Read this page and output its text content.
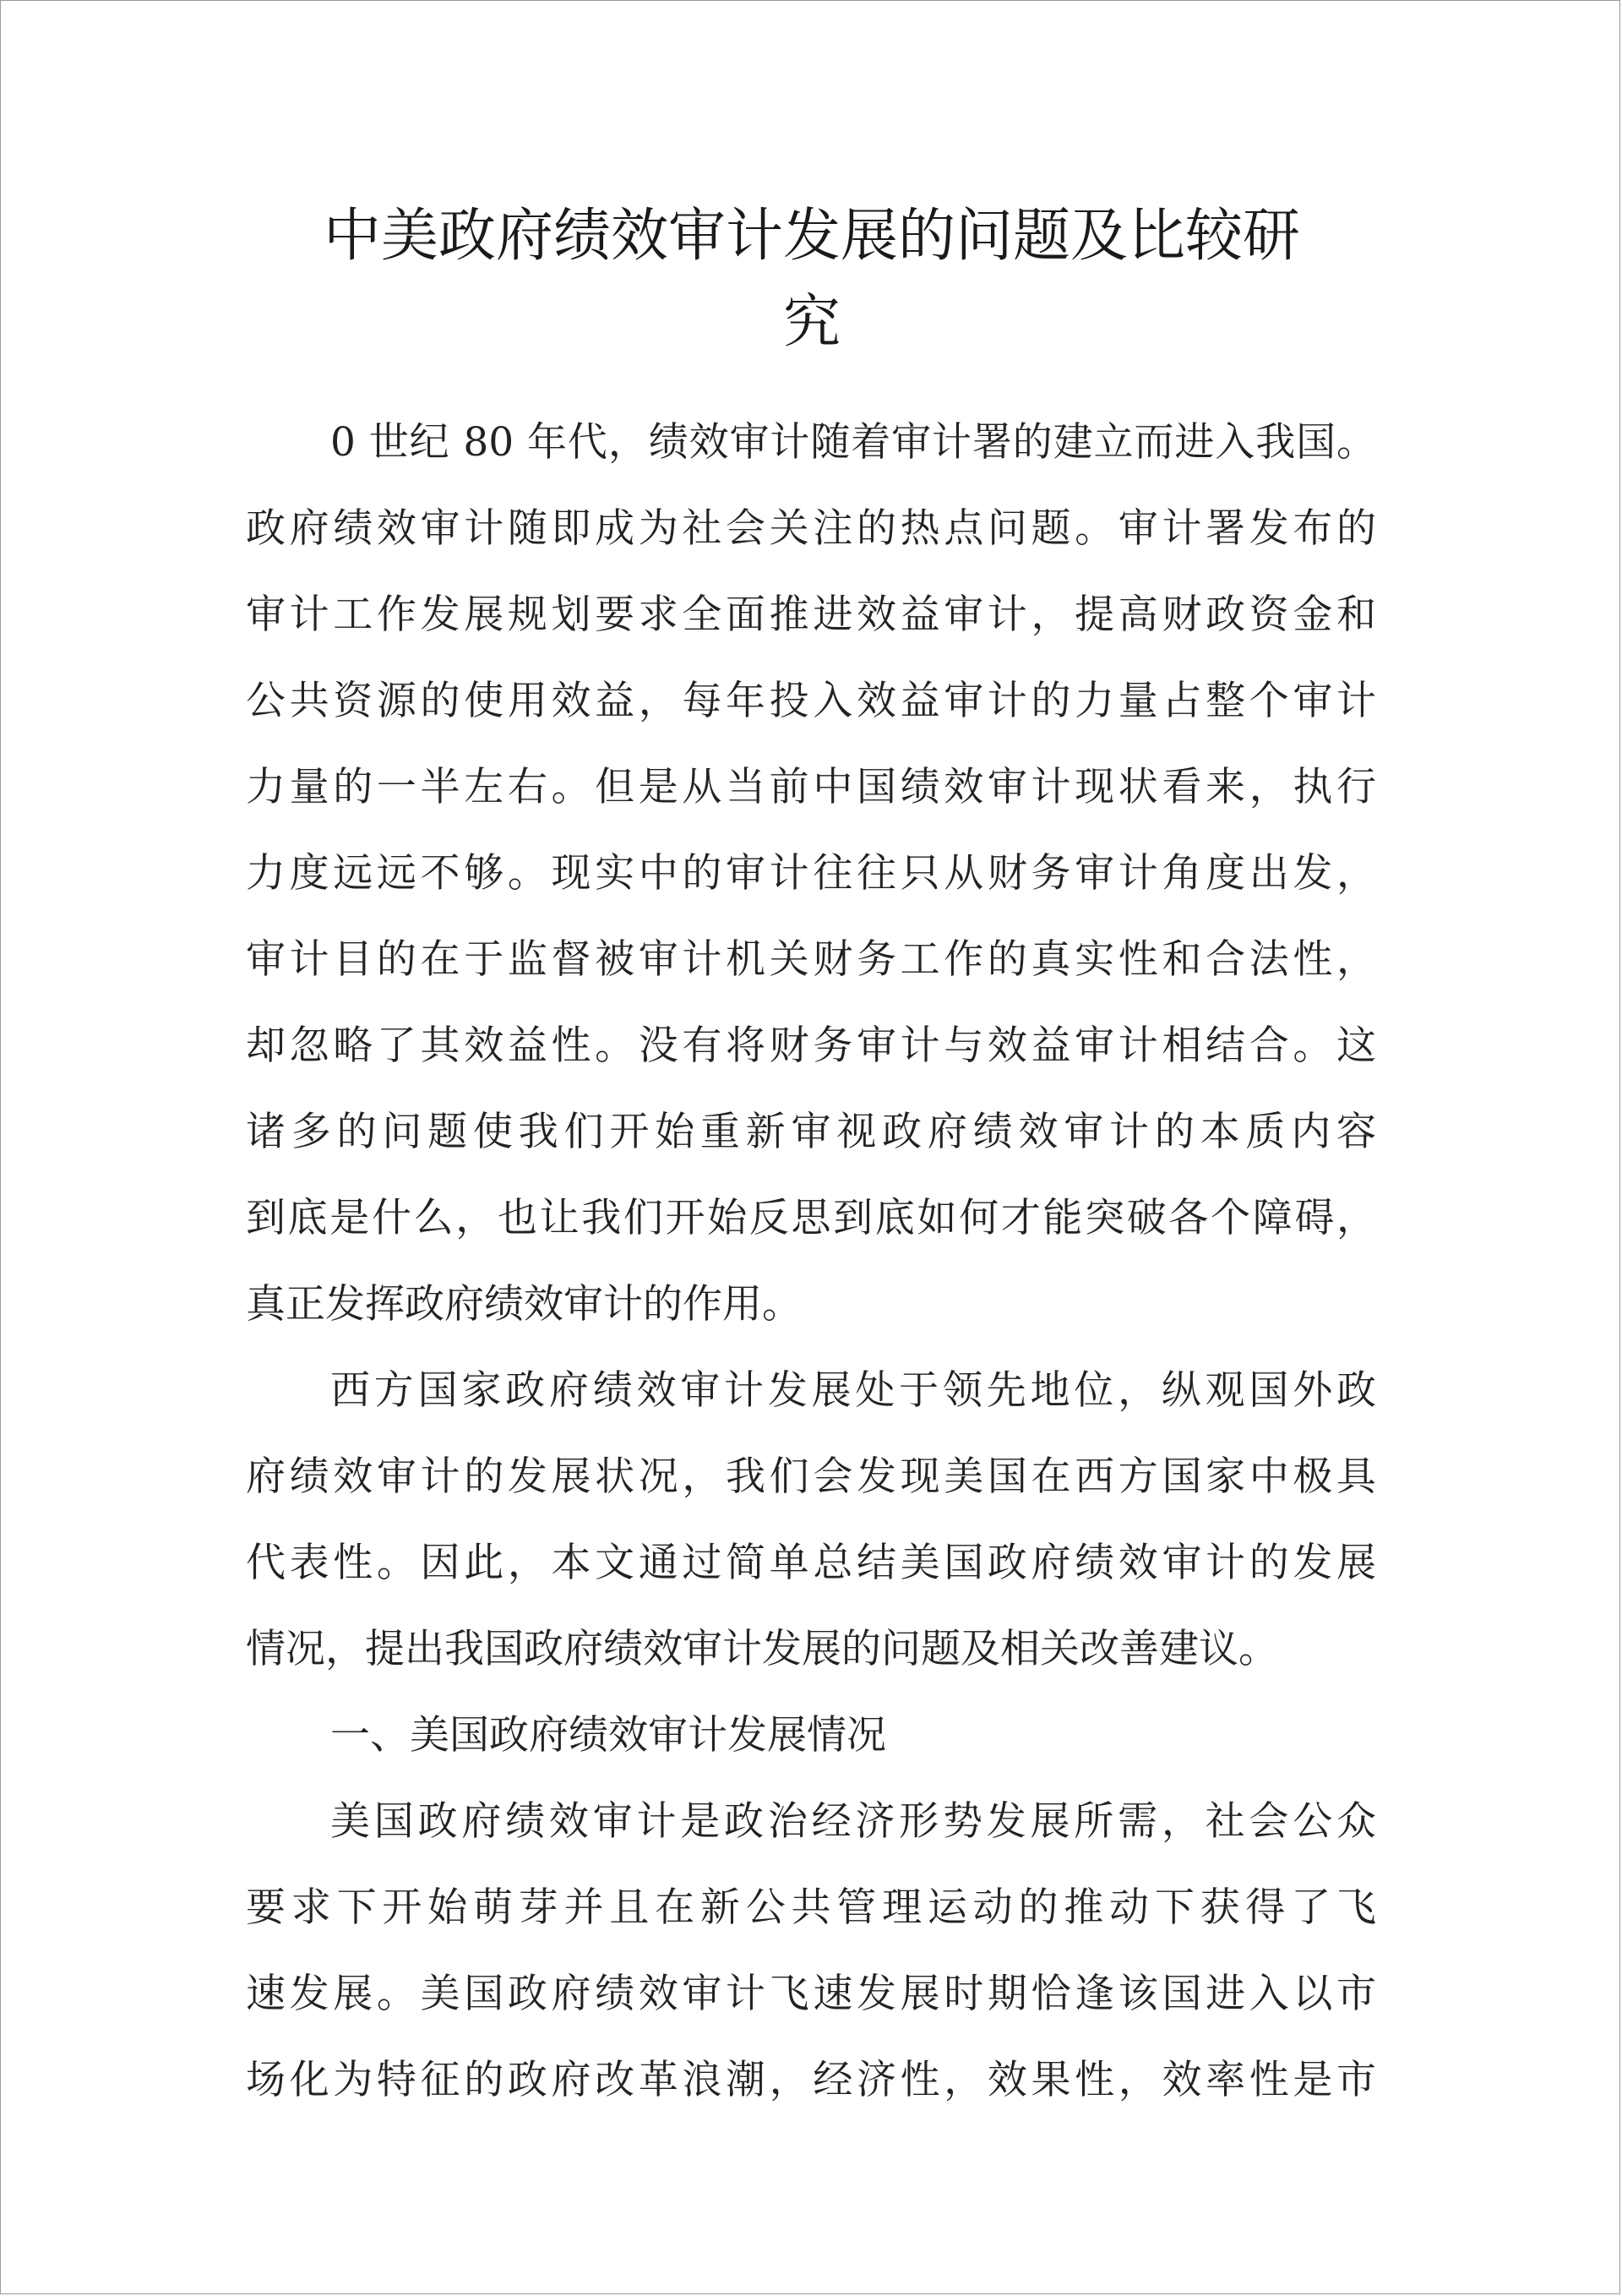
中美政府绩效审计发展的问题及比较研
究
0 世纪 80 年代，绩效审计随着审计署的建立而进入我国。
政府绩效审计随即成为社会关注的热点问题。审计署发布的
审计工作发展规划要求全面推进效益审计，提高财政资金和
公共资源的使用效益，每年投入效益审计的力量占整个审计
力量的一半左右。但是从当前中国绩效审计现状看来，执行
力度远远不够。现实中的审计往往只从财务审计角度出发，
审计目的在于监督被审计机关财务工作的真实性和合法性，
却忽略了其效益性。没有将财务审计与效益审计相结合。这
诸多的问题使我们开始重新审视政府绩效审计的本质内容
到底是什么，也让我们开始反思到底如何才能突破各个障碍，
真正发挥政府绩效审计的作用。
西方国家政府绩效审计发展处于领先地位，纵观国外政
府绩效审计的发展状况，我们会发现美国在西方国家中极具
代表性。因此，本文通过简单总结美国政府绩效审计的发展
情况，提出我国政府绩效审计发展的问题及相关改善建议。
一、美国政府绩效审计发展情况
美国政府绩效审计是政治经济形势发展所需，社会公众
要求下开始萌芽并且在新公共管理运动的推动下获得了飞
速发展。美国政府绩效审计飞速发展时期恰逢该国进入以市
场化为特征的政府改革浪潮，经济性，效果性，效率性是市
